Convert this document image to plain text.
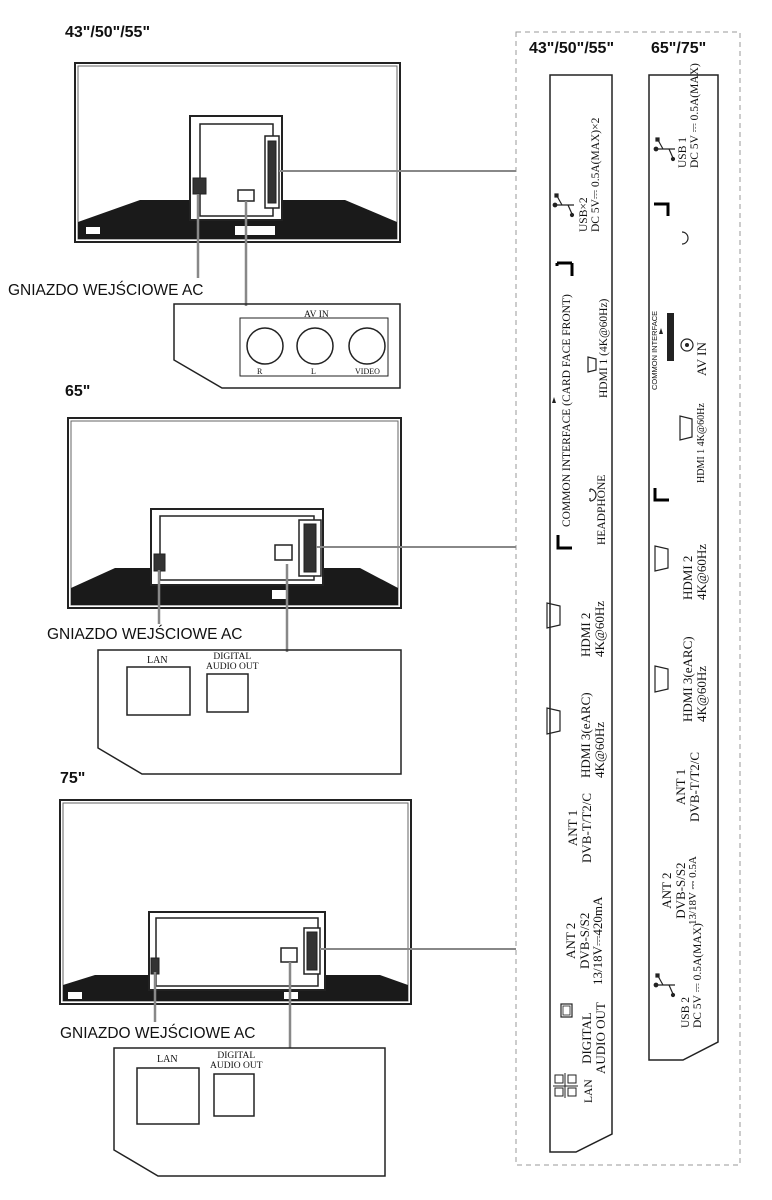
43"/50"/55"
GNIAZDO WEJŚCIOWE AC
AV IN
R	L	VIDEO
65"
GNIAZDO WEJŚCIOWE AC
LAN	DIGITAL
AUDIO OUT
75"
GNIAZDO WEJŚCIOWE AC
LAN	DIGITAL
AUDIO OUT
43"/50"/55" 65"/75"
USB×2 DC 5V⎓ 0.5A(MAX)×2
HDMI 1 (4K@60Hz)
COMMON INTERFACE (CARD FACE FRONT) HEADPHONE
HDMI 2
4K@60Hz
HDMI 3(eARC)
4K@60Hz
ANT 1
DVB-T/T2/C
ANT 2
DVB-S/S2
13/18V⎓420mA
DIGITAL
AUDIO OUT
LAN
USB 1 DC 5V ⎓ 0.5A(MAX)
COMMON INTERFACE	AV IN
HDMI 1 4K@60Hz
HDMI 2
4K@60Hz
HDMI 3(eARC)
4K@60Hz
ANT 1
DVB-T/T2/C
ANT 2
DVB-S/S2 13/18V ⎓ 0.5A
USB 2 DC 5V ⎓ 0.5A(MAX)
